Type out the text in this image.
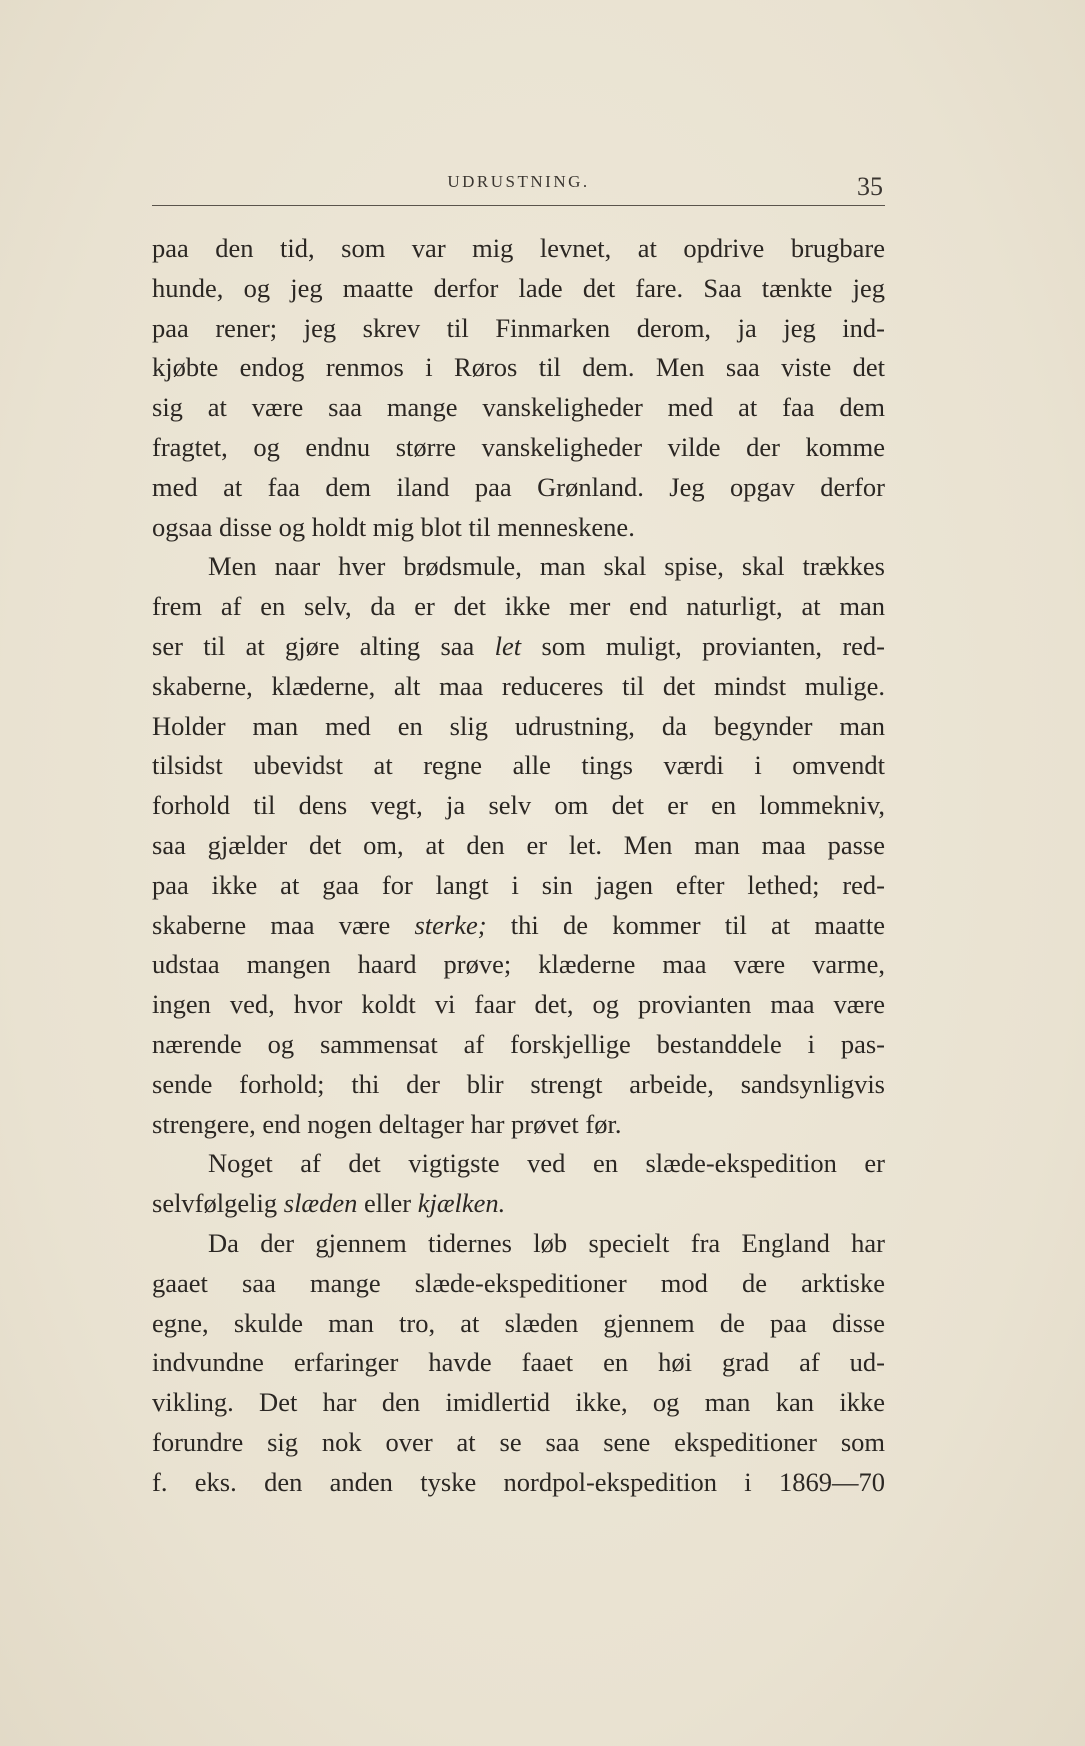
UDRUSTNING.	35
paa den tid, som var mig levnet, at opdrive brugbare
hunde, og jeg maatte derfor lade det fare. Saa tænkte jeg
paa rener; jeg skrev til Finmarken derom, ja jeg ind-
kjøbte endog renmos i Røros til dem. Men saa viste det
sig at være saa mange vanskeligheder med at faa dem
fragtet, og endnu større vanskeligheder vilde der komme
med at faa dem iland paa Grønland. Jeg opgav derfor
ogsaa disse og holdt mig blot til menneskene.
Men naar hver brødsmule, man skal spise, skal trækkes
frem af en selv, da er det ikke mer end naturligt, at man
ser til at gjøre alting saa let som muligt, provianten, red-
skaberne, klæderne, alt maa reduceres til det mindst mulige.
Holder man med en slig udrustning, da begynder man
tilsidst ubevidst at regne alle tings værdi i omvendt
forhold til dens vegt, ja selv om det er en lommekniv,
saa gjælder det om, at den er let. Men man maa passe
paa ikke at gaa for langt i sin jagen efter lethed; red-
skaberne maa være sterke; thi de kommer til at maatte
udstaa mangen haard prøve; klæderne maa være varme,
ingen ved, hvor koldt vi faar det, og provianten maa være
nærende og sammensat af forskjellige bestanddele i pas-
sende forhold; thi der blir strengt arbeide, sandsynligvis
strengere, end nogen deltager har prøvet før.
Noget af det vigtigste ved en slæde-ekspedition er
selvfølgelig slæden eller kjælken.
Da der gjennem tidernes løb specielt fra England har
gaaet saa mange slæde-ekspeditioner mod de arktiske
egne, skulde man tro, at slæden gjennem de paa disse
indvundne erfaringer havde faaet en høi grad af ud-
vikling. Det har den imidlertid ikke, og man kan ikke
forundre sig nok over at se saa sene ekspeditioner som
f. eks. den anden tyske nordpol-ekspedition i 1869—70
